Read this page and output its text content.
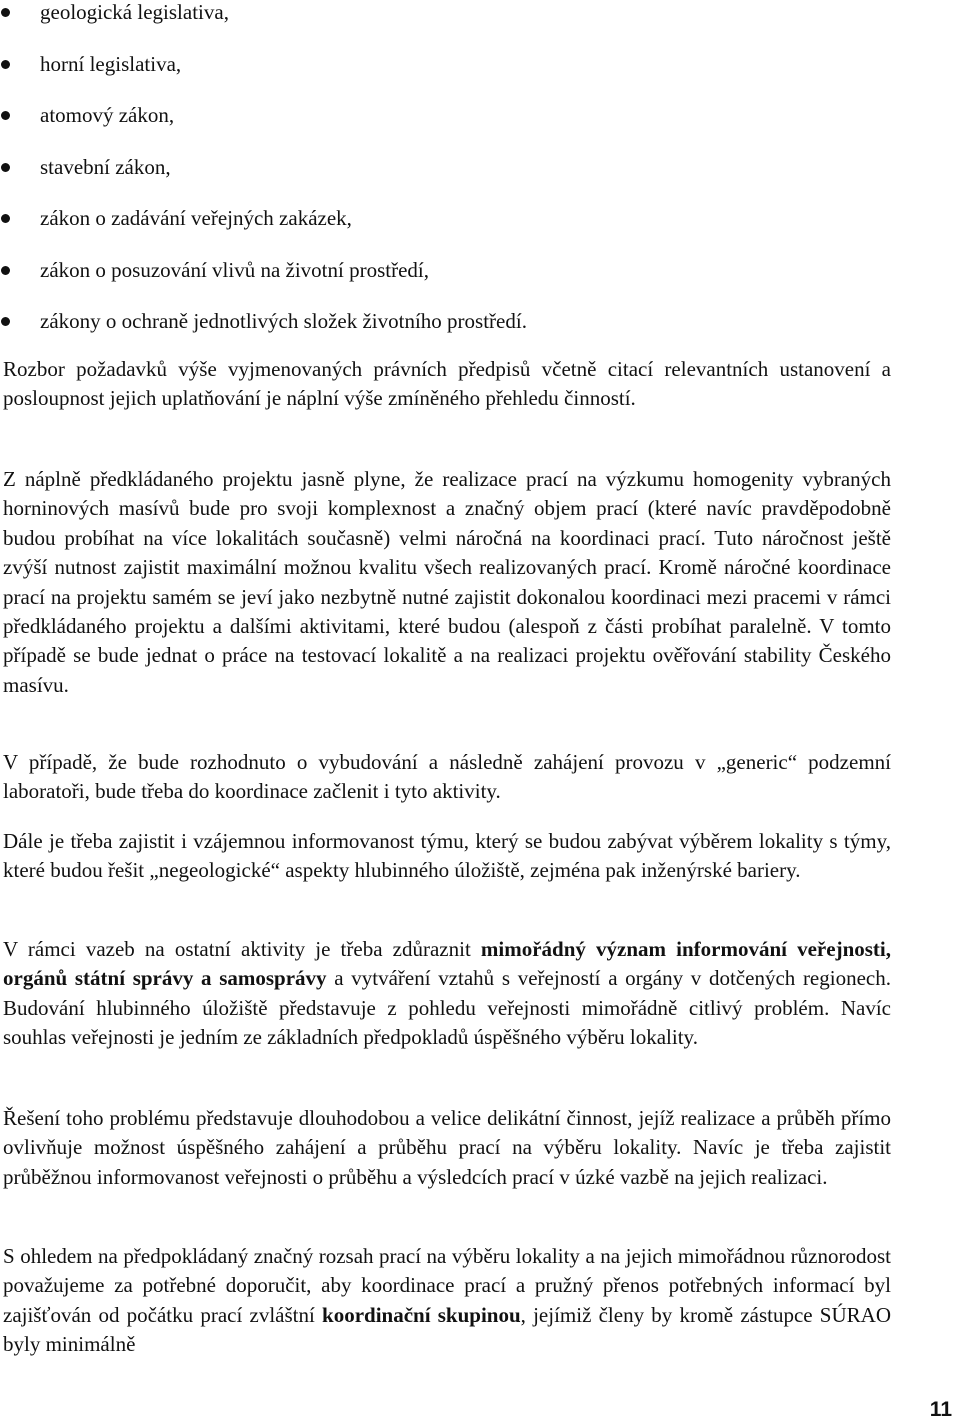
geologická legislativa,
horní legislativa,
atomový zákon,
stavební zákon,
zákon o zadávání veřejných zakázek,
zákon o posuzování vlivů na životní prostředí,
zákony o ochraně jednotlivých složek životního prostředí.

Rozbor požadavků výše vyjmenovaných právních předpisů včetně citací relevantních ustanovení a posloupnost jejich uplatňování je náplní výše zmíněného přehledu činností.

Z náplně předkládaného projektu jasně plyne, že realizace prací na výzkumu homogenity vybraných horninových masívů bude pro svoji komplexnost a značný objem prací (které navíc pravděpodobně budou probíhat na více lokalitách současně) velmi náročná na koordinaci prací. Tuto náročnost ještě zvýší nutnost zajistit maximální možnou kvalitu všech realizovaných prací. Kromě náročné koordinace prací na projektu samém se jeví jako nezbytně nutné zajistit dokonalou koordinaci mezi pracemi v rámci předkládaného projektu a dalšími aktivitami, které budou (alespoň z části probíhat paralelně. V tomto případě se bude jednat o práce na testovací lokalitě a na realizaci projektu ověřování stability Českého masívu.

V případě, že bude rozhodnuto o vybudování a následně zahájení provozu v „generic“ podzemní laboratoři, bude třeba do koordinace začlenit i tyto aktivity.

Dále je třeba zajistit i vzájemnou informovanost týmu, který se budou zabývat výběrem lokality s týmy, které budou řešit „negeologické“ aspekty hlubinného úložiště, zejména pak inženýrské bariery.

V rámci vazeb na ostatní aktivity je třeba zdůraznit mimořádný význam informování veřejnosti, orgánů státní správy a samosprávy a vytváření vztahů s veřejností a orgány v dotčených regionech. Budování hlubinného úložiště představuje z pohledu veřejnosti mimořádně citlivý problém. Navíc souhlas veřejnosti je jedním ze základních předpokladů úspěšného výběru lokality.

Řešení toho problému představuje dlouhodobou a velice delikátní činnost, jejíž realizace a průběh přímo ovlivňuje možnost úspěšného zahájení a průběhu prací na výběru lokality. Navíc je třeba zajistit průběžnou informovanost veřejnosti o průběhu a výsledcích prací v úzké vazbě na jejich realizaci.

S ohledem na předpokládaný značný rozsah prací na výběru lokality a na jejich mimořádnou různorodost považujeme za potřebné doporučit, aby koordinace prací a pružný přenos potřebných informací byl zajišťován od počátku prací zvláštní koordinační skupinou, jejímiž členy by kromě zástupce SÚRAO byly minimálně

11
